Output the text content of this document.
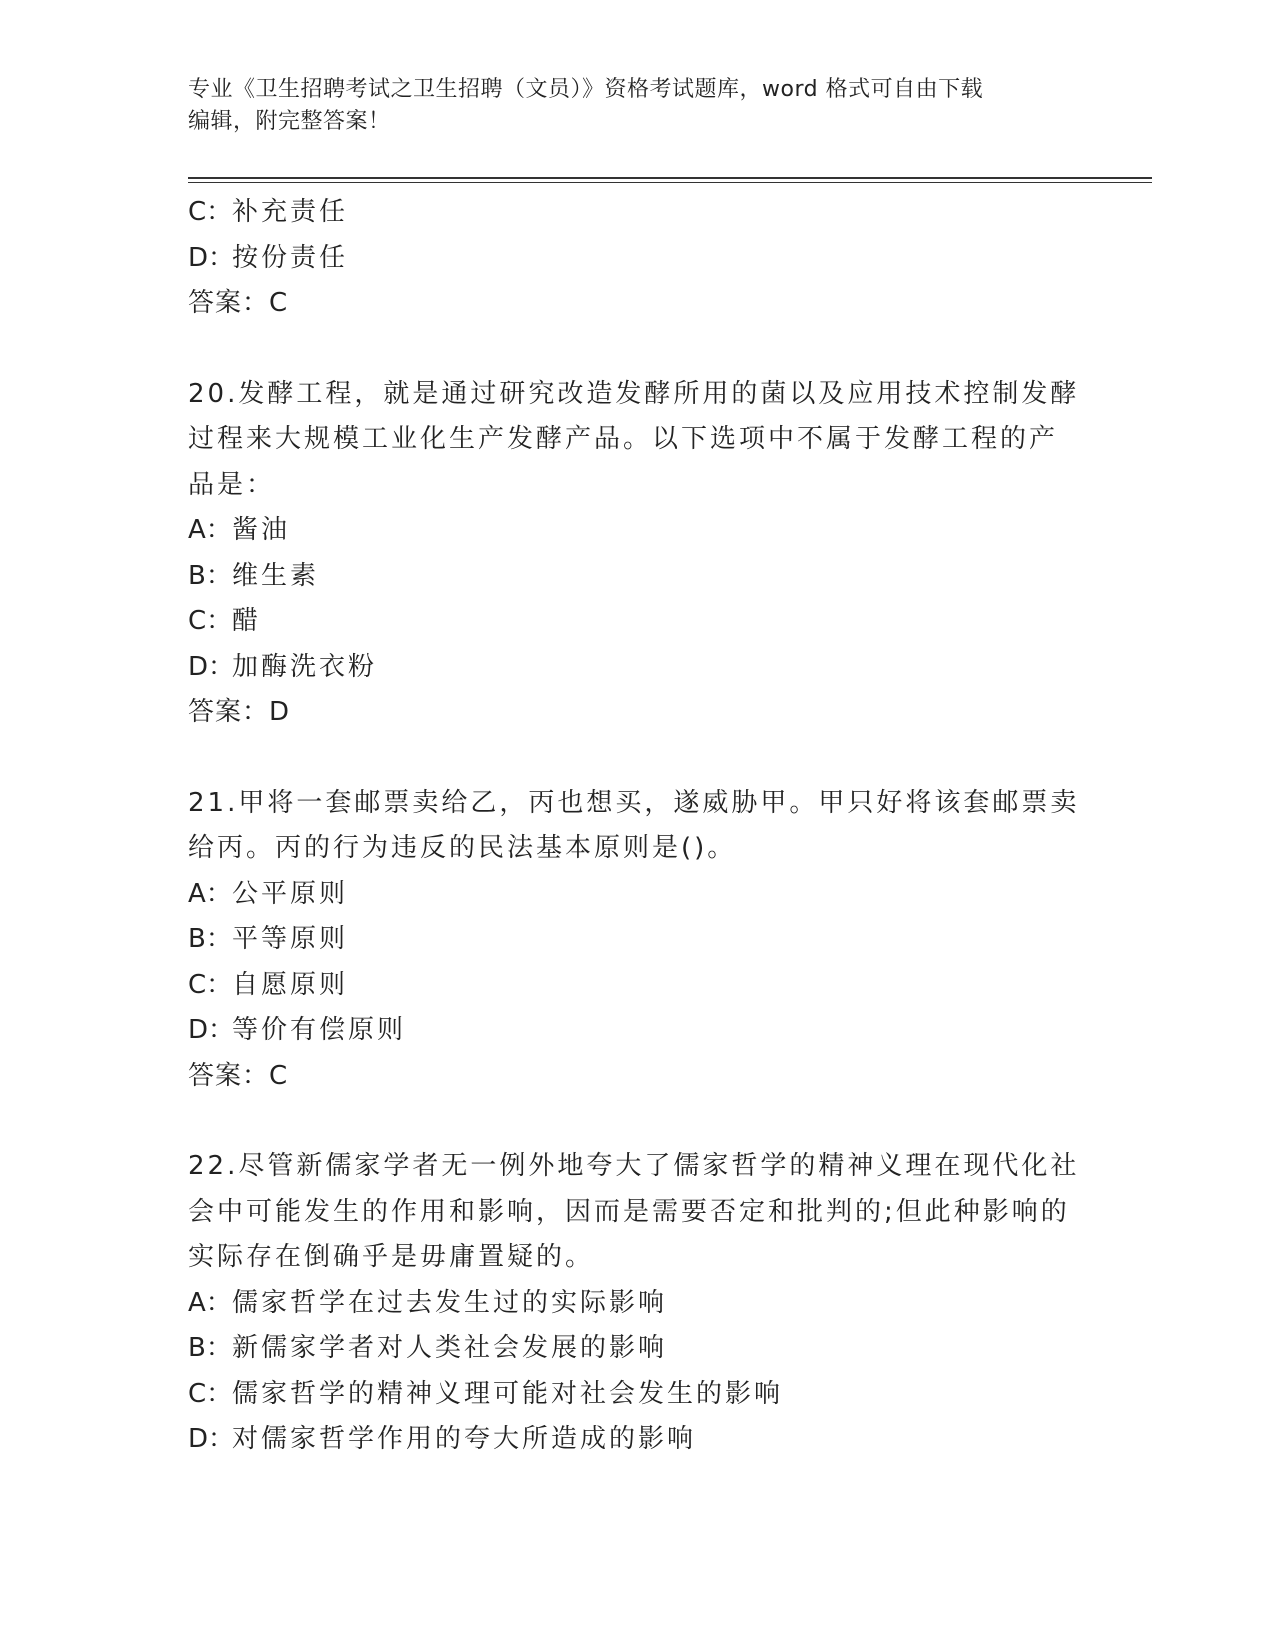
专业《卫生招聘考试之卫生招聘（文员）》资格考试题库，word 格式可自由下载
编辑，附完整答案！
C：补充责任
D：按份责任
答案：C
20.发酵工程，就是通过研究改造发酵所用的菌以及应用技术控制发酵
过程来大规模工业化生产发酵产品。以下选项中不属于发酵工程的产
品是：
A：酱油
B：维生素
C：醋
D：加酶洗衣粉
答案：D
21.甲将一套邮票卖给乙，丙也想买，遂威胁甲。甲只好将该套邮票卖
给丙。丙的行为违反的民法基本原则是()。
A：公平原则
B：平等原则
C：自愿原则
D：等价有偿原则
答案：C
22.尽管新儒家学者无一例外地夸大了儒家哲学的精神义理在现代化社
会中可能发生的作用和影响，因而是需要否定和批判的;但此种影响的
实际存在倒确乎是毋庸置疑的。
A：儒家哲学在过去发生过的实际影响
B：新儒家学者对人类社会发展的影响
C：儒家哲学的精神义理可能对社会发生的影响
D：对儒家哲学作用的夸大所造成的影响
